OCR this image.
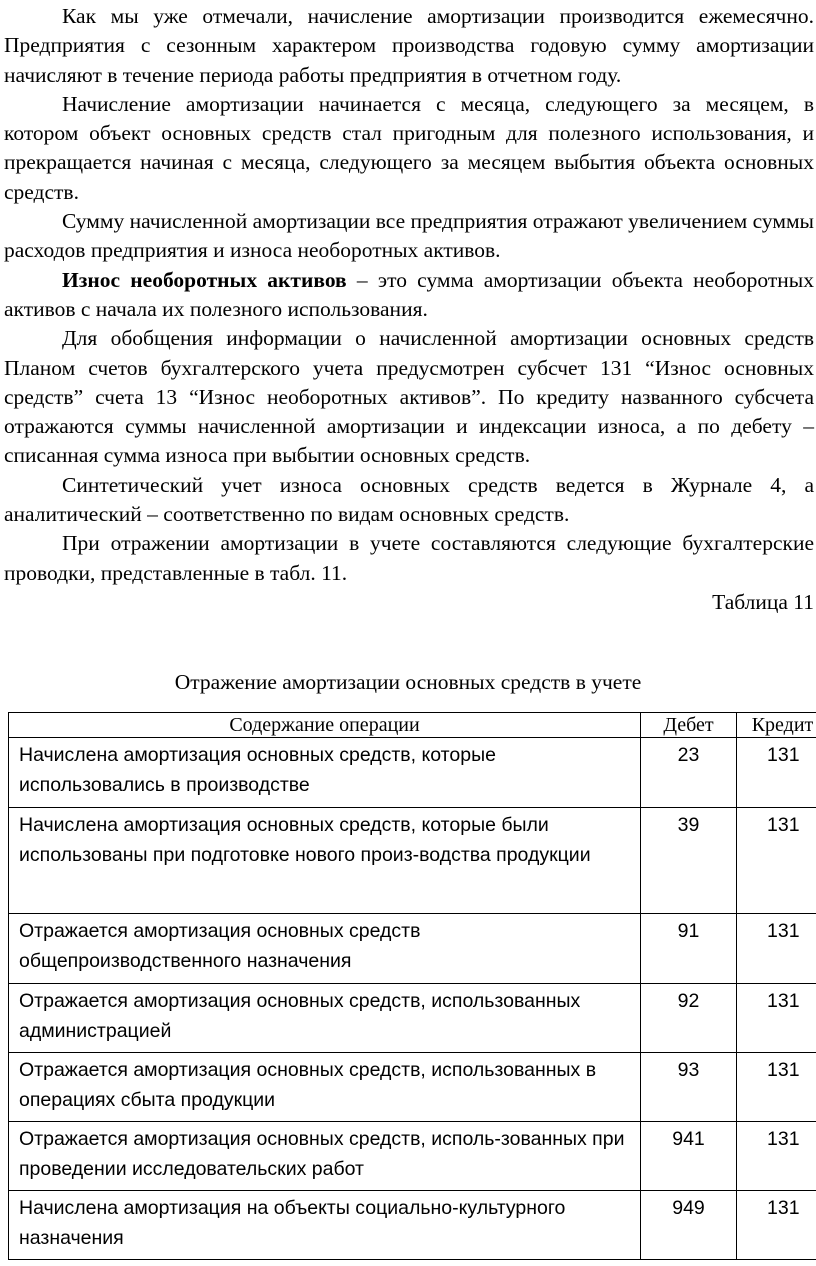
Как мы уже отмечали, начисление амортизации производится ежемесячно. Предприятия с сезонным характером производства годовую сумму амортизации начисляют в течение периода работы предприятия в отчетном году.

Начисление амортизации начинается с месяца, следующего за месяцем, в котором объект основных средств стал пригодным для полезного использования, и прекращается начиная с месяца, следующего за месяцем выбытия объекта основных средств.

Сумму начисленной амортизации все предприятия отражают увеличением суммы расходов предприятия и износа необоротных активов.

Износ необоротных активов – это сумма амортизации объекта необоротных активов с начала их полезного использования.

Для обобщения информации о начисленной амортизации основных средств Планом счетов бухгалтерского учета предусмотрен субсчет 131 “Износ основных средств” счета 13 “Износ необоротных активов”. По кредиту названного субсчета отражаются суммы начисленной амортизации и индексации износа, а по дебету – списанная сумма износа при выбытии основных средств.

Синтетический учет износа основных средств ведется в Журнале 4, а аналитический – соответственно по видам основных средств.

При отражении амортизации в учете составляются следующие бухгалтерские проводки, представленные в табл. 11.

Таблица 11

Отражение амортизации основных средств в учете
Содержание операции	Дебет	Кредит
Начислена амортизация основных средств, которые использовались в производстве	23	131
Начислена амортизация основных средств, которые были использованы при подготовке нового произ-водства продукции	39	131
Отражается амортизация основных средств общепроизводственного назначения	91	131
Отражается амортизация основных средств, использованных администрацией	92	131
Отражается амортизация основных средств, использованных в операциях сбыта продукции	93	131
Отражается амортизация основных средств, исполь-зованных при проведении исследовательских работ	941	131
Начислена амортизация на объекты социально-культурного назначения	949	131
